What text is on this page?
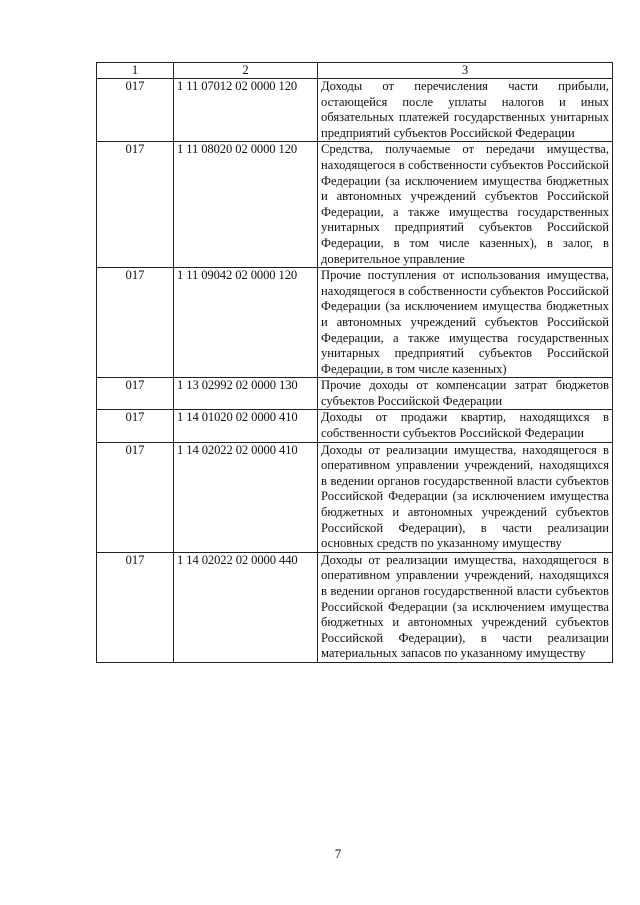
1	2	3
017	1 11 07012 02 0000 120	Доходы от перечисления части прибыли, остающейся после уплаты налогов и иных обязательных платежей государственных унитарных предприятий субъектов Российской Федерации
017	1 11 08020 02 0000 120	Средства, получаемые от передачи имущества, находящегося в собственности субъектов Российской Федерации (за исключением имущества бюджетных и автономных учреждений субъектов Российской Федерации, а также имущества государственных унитарных предприятий субъектов Российской Федерации, в том числе казенных), в залог, в доверительное управление
017	1 11 09042 02 0000 120	Прочие поступления от использования имущества, находящегося в собственности субъектов Российской Федерации (за исключением имущества бюджетных и автономных учреждений субъектов Российской Федерации, а также имущества государственных унитарных предприятий субъектов Российской Федерации, в том числе казенных)
017	1 13 02992 02 0000 130	Прочие доходы от компенсации затрат бюджетов субъектов Российской Федерации
017	1 14 01020 02 0000 410	Доходы от продажи квартир, находящихся в собственности субъектов Российской Федерации
017	1 14 02022 02 0000 410	Доходы от реализации имущества, находящегося в оперативном управлении учреждений, находящихся в ведении органов государственной власти субъектов Российской Федерации (за исключением имущества бюджетных и автономных учреждений субъектов Российской Федерации), в части реализации основных средств по указанному имуществу
017	1 14 02022 02 0000 440	Доходы от реализации имущества, находящегося в оперативном управлении учреждений, находящихся в ведении органов государственной власти субъектов Российской Федерации (за исключением имущества бюджетных и автономных учреждений субъектов Российской Федерации), в части реализации материальных запасов по указанному имуществу
7
